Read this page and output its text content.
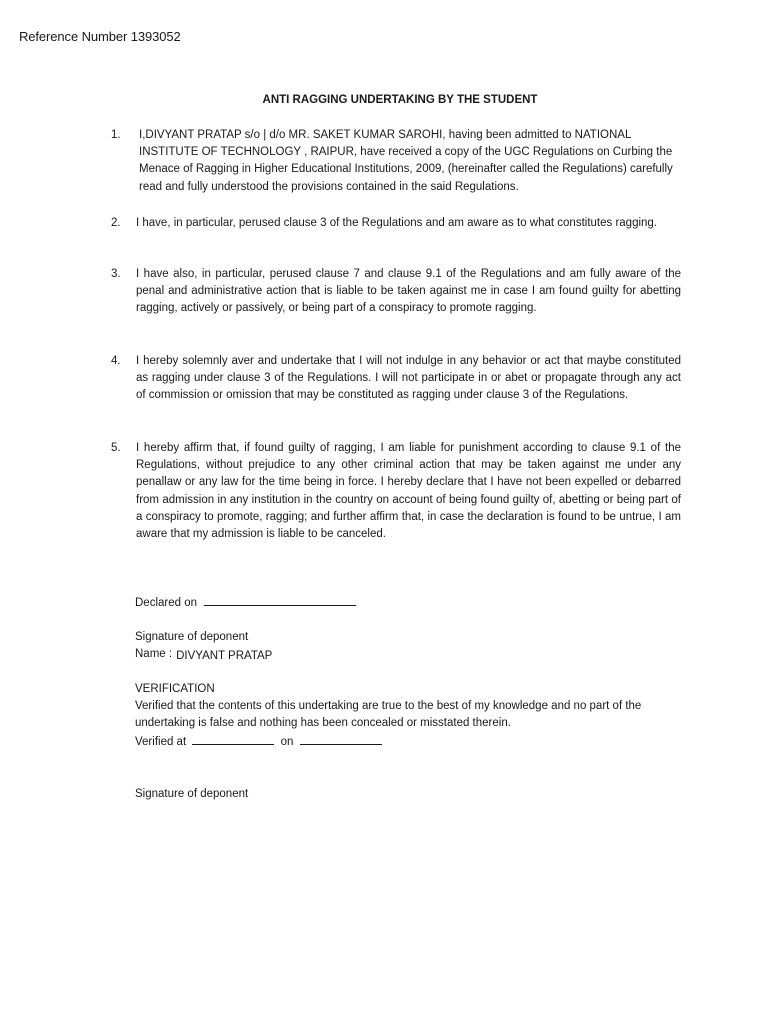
Reference Number 1393052
ANTI RAGGING UNDERTAKING BY THE STUDENT
1.	I,DIVYANT PRATAP s/o | d/o MR. SAKET KUMAR SAROHI, having been admitted to NATIONAL INSTITUTE OF TECHNOLOGY , RAIPUR, have received a copy of the UGC Regulations on Curbing the Menace of Ragging in Higher Educational Institutions, 2009, (hereinafter called the Regulations) carefully read and fully understood the provisions contained in the said Regulations.
2.	I have, in particular, perused clause 3 of the Regulations and am aware as to what constitutes ragging.
3.	I have also, in particular, perused clause 7 and clause 9.1 of the Regulations and am fully aware of the penal and administrative action that is liable to be taken against me in case I am found guilty for abetting ragging, actively or passively, or being part of a conspiracy to promote ragging.
4.	I hereby solemnly aver and undertake that I will not indulge in any behavior or act that maybe constituted as ragging under clause 3 of the Regulations. I will not participate in or abet or propagate through any act of commission or omission that may be constituted as ragging under clause 3 of the Regulations.
5.	I hereby affirm that, if found guilty of ragging, I am liable for punishment according to clause 9.1 of the Regulations, without prejudice to any other criminal action that may be taken against me under any penallaw or any law for the time being in force. I hereby declare that I have not been expelled or debarred from admission in any institution in the country on account of being found guilty of, abetting or being part of a conspiracy to promote, ragging; and further affirm that, in case the declaration is found to be untrue, I am aware that my admission is liable to be canceled.
Declared on
Signature of deponent
Name : DIVYANT PRATAP
VERIFICATION
Verified that the contents of this undertaking are true to the best of my knowledge and no part of the undertaking is false and nothing has been concealed or misstated therein.
Verified at	on
Signature of deponent
